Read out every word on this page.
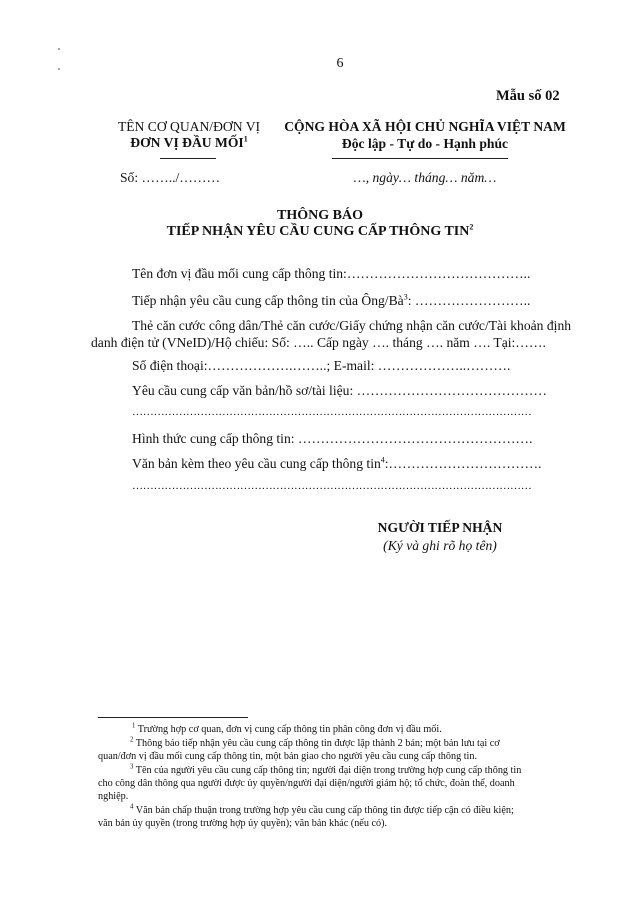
6
Mẫu số 02
TÊN CƠ QUAN/ĐƠN VỊ
ĐƠN VỊ ĐẦU MỐI$^1$
Số: ……../………
CỘNG HÒA XÃ HỘI CHỦ NGHĨA VIỆT NAM
Độc lập - Tự do - Hạnh phúc
…, ngày… tháng… năm…
THÔNG BÁO
TIẾP NHẬN YÊU CẦU CUNG CẤP THÔNG TIN$^2$
Tên đơn vị đầu mối cung cấp thông tin:…………………………………..
Tiếp nhận yêu cầu cung cấp thông tin của Ông/$Bà^3$: ……………………..
Thẻ căn cước công dân/Thẻ căn cước/Giấy chứng nhận căn cước/Tài khoản định
danh điện tử (VNeID)/Hộ chiếu: Số: ….. Cấp ngày …. tháng …. năm …. Tại:…….
Số điện thoại:……………….……..; E-mail: ………………..……….
Yêu cầu cung cấp văn bản/hồ sơ/tài liệu: ……………………………………
…………………………………………………………………………………………………
Hình thức cung cấp thông tin: …………………………………………….
Văn bản kèm theo yêu cầu cung cấp thông tin$^4$:…………………………….
…………………………………………………………………………………………………
NGƯỜI TIẾP NHẬN
(Ký và ghi rõ họ tên)
$^1$ Trường hợp cơ quan, đơn vị cung cấp thông tin phân công đơn vị đầu mối.
$^2$ Thông báo tiếp nhận yêu cầu cung cấp thông tin được lập thành 2 bản; một bản lưu tại cơ
quan/đơn vị đầu mối cung cấp thông tin, một bản giao cho người yêu cầu cung cấp thông tin.
$^3$ Tên của người yêu cầu cung cấp thông tin; người đại diện trong trường hợp cung cấp thông tin
cho công dân thông qua người được ủy quyền/người đại diện/người giám hộ; tổ chức, đoàn thể, doanh
nghiệp.
$^4$ Văn bản chấp thuận trong trường hợp yêu cầu cung cấp thông tin được tiếp cận có điều kiện;
văn bản ủy quyền (trong trường hợp ủy quyền); văn bản khác (nếu có).
